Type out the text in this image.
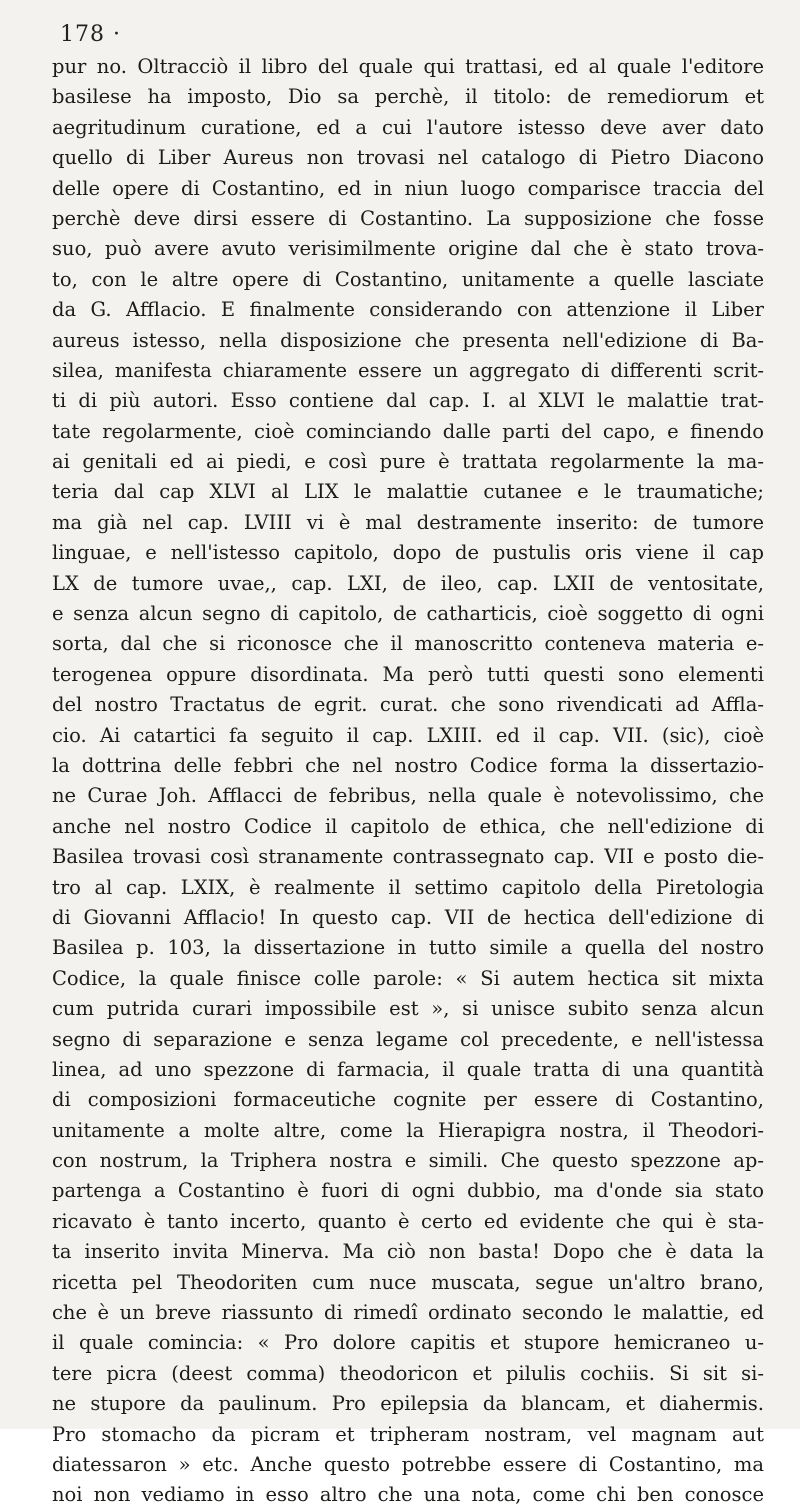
178 ·
pur no. Oltracciò il libro del quale qui trattasi, ed al quale l'editore
basilese ha imposto, Dio sa perchè, il titolo: de remediorum et
aegritudinum curatione, ed a cui l'autore istesso deve aver dato
quello di Liber Aureus non trovasi nel catalogo di Pietro Diacono
delle opere di Costantino, ed in niun luogo comparisce traccia del
perchè deve dirsi essere di Costantino. La supposizione che fosse
suo, può avere avuto verisimilmente origine dal che è stato trova-
to, con le altre opere di Costantino, unitamente a quelle lasciate
da G. Afflacio. E finalmente considerando con attenzione il Liber
aureus istesso, nella disposizione che presenta nell'edizione di Ba-
silea, manifesta chiaramente essere un aggregato di differenti scrit-
ti di più autori. Esso contiene dal cap. I. al XLVI le malattie trat-
tate regolarmente, cioè cominciando dalle parti del capo, e finendo
ai genitali ed ai piedi, e così pure è trattata regolarmente la ma-
teria dal cap XLVI al LIX le malattie cutanee e le traumatiche;
ma già nel cap. LVIII vi è mal destramente inserito: de tumore
linguae, e nell'istesso capitolo, dopo de pustulis oris viene il cap
LX de tumore uvae,, cap. LXI, de ileo, cap. LXII de ventositate,
e senza alcun segno di capitolo, de catharticis, cioè soggetto di ogni
sorta, dal che si riconosce che il manoscritto conteneva materia e-
terogenea oppure disordinata. Ma però tutti questi sono elementi
del nostro Tractatus de egrit. curat. che sono rivendicati ad Affla-
cio. Ai catartici fa seguito il cap. LXIII. ed il cap. VII. (sic), cioè
la dottrina delle febbri che nel nostro Codice forma la dissertazio-
ne Curae Joh. Afflacci de febribus, nella quale è notevolissimo, che
anche nel nostro Codice il capitolo de ethica, che nell'edizione di
Basilea trovasi così stranamente contrassegnato cap. VII e posto die-
tro al cap. LXIX, è realmente il settimo capitolo della Piretologia
di Giovanni Afflacio! In questo cap. VII de hectica dell'edizione di
Basilea p. 103, la dissertazione in tutto simile a quella del nostro
Codice, la quale finisce colle parole: « Si autem hectica sit mixta
cum putrida curari impossibile est », si unisce subito senza alcun
segno di separazione e senza legame col precedente, e nell'istessa
linea, ad uno spezzone di farmacia, il quale tratta di una quantità
di composizioni formaceutiche cognite per essere di Costantino,
unitamente a molte altre, come la Hierapigra nostra, il Theodori-
con nostrum, la Triphera nostra e simili. Che questo spezzone ap-
partenga a Costantino è fuori di ogni dubbio, ma d'onde sia stato
ricavato è tanto incerto, quanto è certo ed evidente che qui è sta-
ta inserito invita Minerva. Ma ciò non basta! Dopo che è data la
ricetta pel Theodoriten cum nuce muscata, segue un'altro brano,
che è un breve riassunto di rimedî ordinato secondo le malattie, ed
il quale comincia: « Pro dolore capitis et stupore hemicraneo u-
tere picra (deest comma) theodoricon et pilulis cochiis. Si sit si-
ne stupore da paulinum. Pro epilepsia da blancam, et diahermis.
Pro stomacho da picram et tripheram nostram, vel magnam aut
diatessaron » etc. Anche questo potrebbe essere di Costantino, ma
noi non vediamo in esso altro che una nota, come chi ben conosce
